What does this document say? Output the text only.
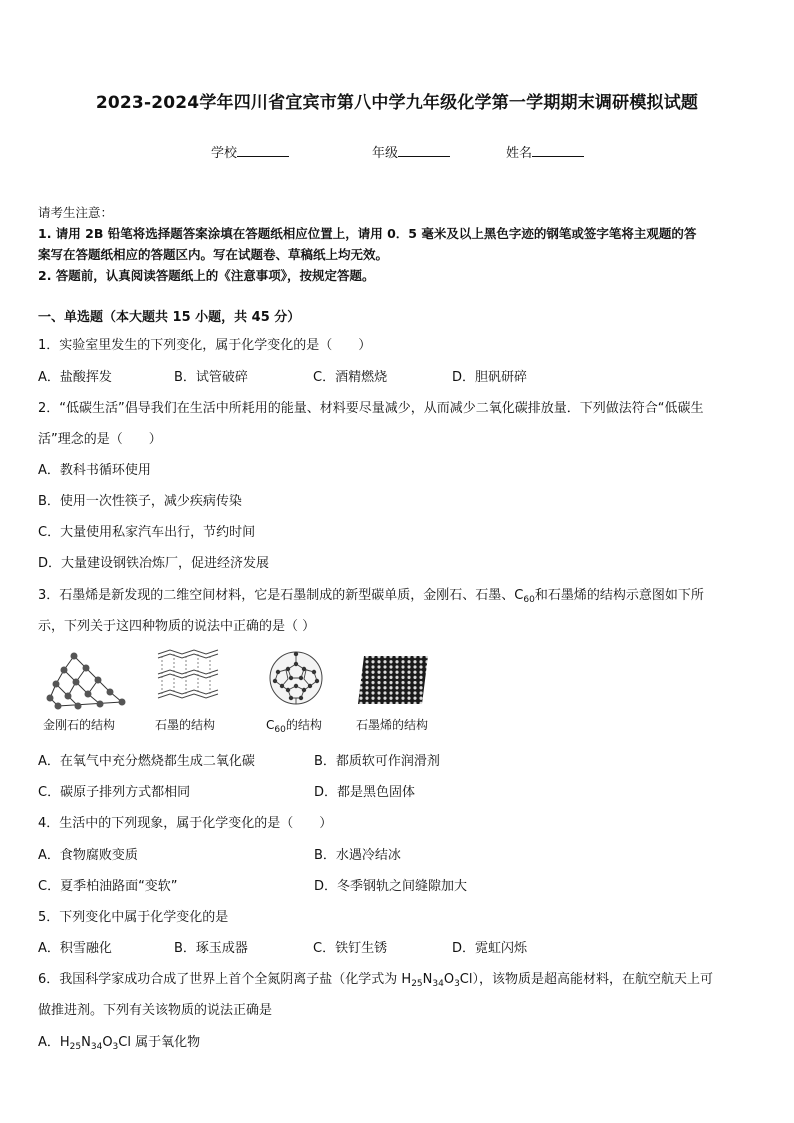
2023-2024学年四川省宜宾市第八中学九年级化学第一学期期末调研模拟试题
学校	年级	姓名
请考生注意：
1. 请用 2B 铅笔将选择题答案涂填在答题纸相应位置上，请用 0．5 毫米及以上黑色字迹的钢笔或签字笔将主观题的答
案写在答题纸相应的答题区内。写在试题卷、草稿纸上均无效。
2. 答题前，认真阅读答题纸上的《注意事项》，按规定答题。
一、单选题（本大题共 15 小题，共 45 分）
1．实验室里发生的下列变化，属于化学变化的是（　　）
A．盐酸挥发	B．试管破碎	C．酒精燃烧	D．胆矾研碎
2．“低碳生活”倡导我们在生活中所耗用的能量、材料要尽量减少，从而减少二氧化碳排放量．下列做法符合“低碳生
活”理念的是（　　）
A．教科书循环使用
B．使用一次性筷子，减少疾病传染
C．大量使用私家汽车出行，节约时间
D．大量建设钢铁冶炼厂，促进经济发展
3．石墨烯是新发现的二维空间材料，它是石墨制成的新型碳单质，金刚石、石墨、$C_{60}$和石墨烯的结构示意图如下所
示，下列关于这四种物质的说法中正确的是（ ）
金刚石的结构	石墨的结构	$C_{60}$的结构	石墨烯的结构
A．在氧气中充分燃烧都生成二氧化碳	B．都质软可作润滑剂
C．碳原子排列方式都相同	D．都是黑色固体
4．生活中的下列现象，属于化学变化的是（　　）
A．食物腐败变质	B．水遇冷结冰
C．夏季柏油路面“变软”	D．冬季钢轨之间缝隙加大
5．下列变化中属于化学变化的是
A．积雪融化	B．琢玉成器	C．铁钉生锈	D．霓虹闪烁
6．我国科学家成功合成了世界上首个全氮阴离子盐（化学式为 $H_{25}N_{34}O_3Cl$），该物质是超高能材料，在航空航天上可
做推进剂。下列有关该物质的说法正确是
A．$H_{25}N_{34}O_3Cl$ 属于氧化物
